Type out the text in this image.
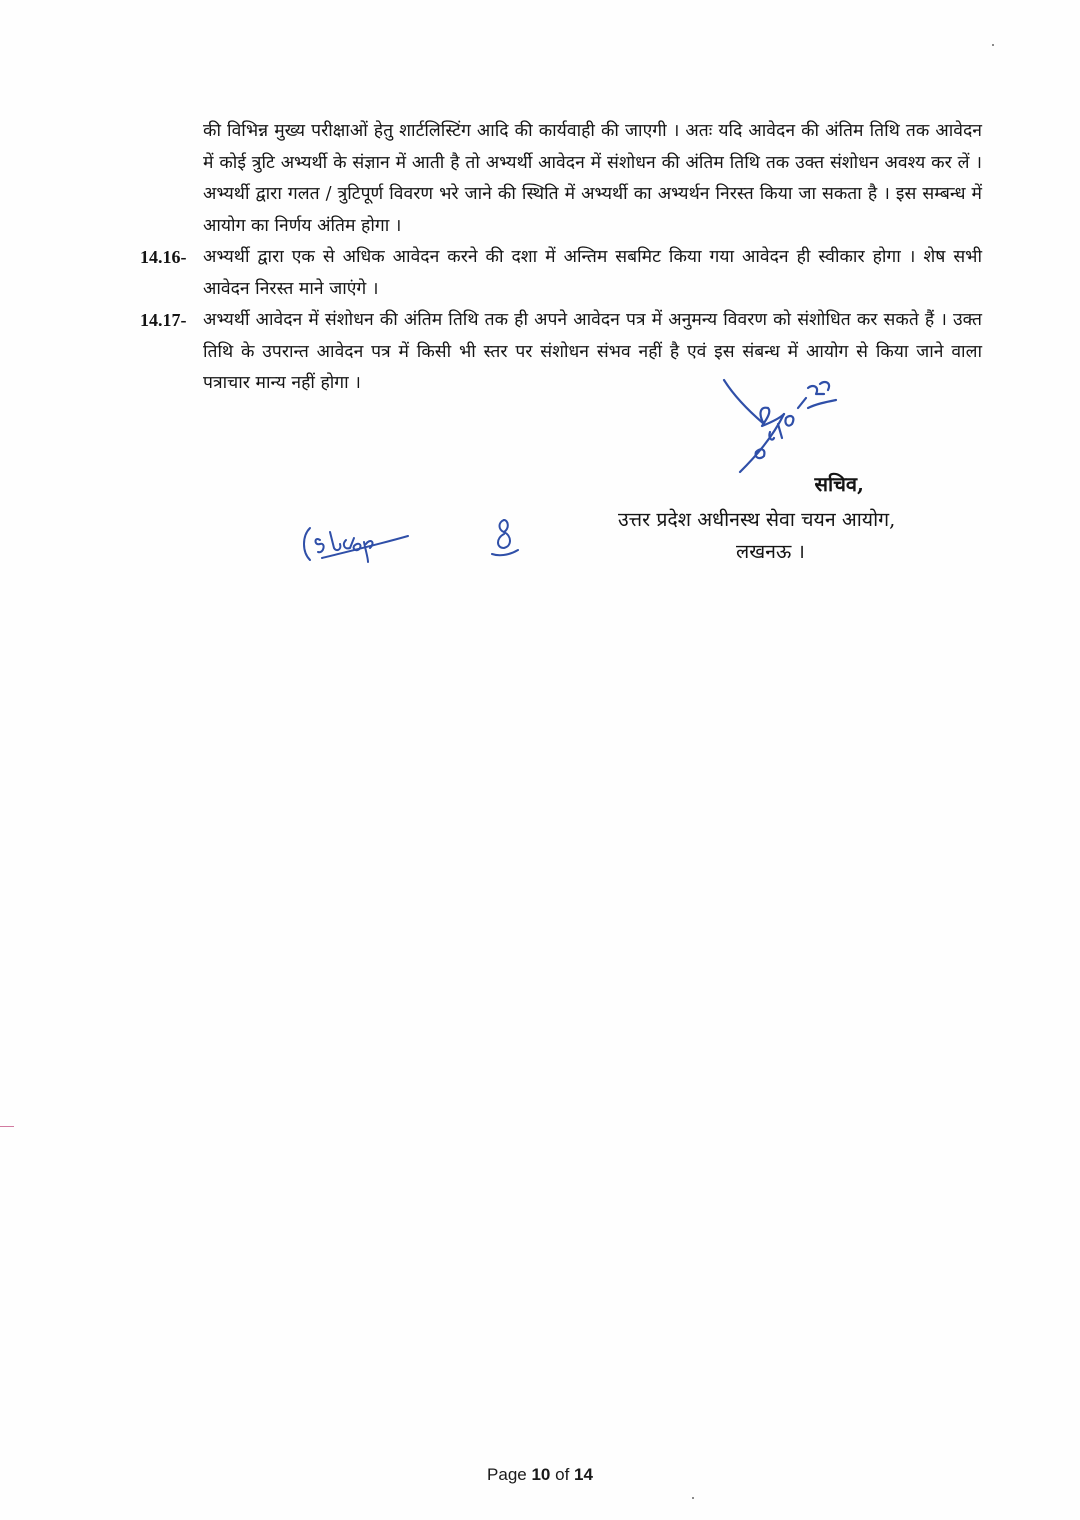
की विभिन्न मुख्य परीक्षाओं हेतु शार्टलिस्टिंग आदि की कार्यवाही की जाएगी । अतः यदि आवेदन की अंतिम तिथि तक आवेदन में कोई त्रुटि अभ्यर्थी के संज्ञान में आती है तो अभ्यर्थी आवेदन में संशोधन की अंतिम तिथि तक उक्त संशोधन अवश्य कर लें । अभ्यर्थी द्वारा गलत / त्रुटिपूर्ण विवरण भरे जाने की स्थिति में अभ्यर्थी का अभ्यर्थन निरस्त किया जा सकता है । इस सम्बन्ध में आयोग का निर्णय अंतिम होगा ।
14.16- अभ्यर्थी द्वारा एक से अधिक आवेदन करने की दशा में अन्तिम सबमिट किया गया आवेदन ही स्वीकार होगा । शेष सभी आवेदन निरस्त माने जाएंगे ।
14.17- अभ्यर्थी आवेदन में संशोधन की अंतिम तिथि तक ही अपने आवेदन पत्र में अनुमन्य विवरण को संशोधित कर सकते हैं । उक्त तिथि के उपरान्त आवेदन पत्र में किसी भी स्तर पर संशोधन संभव नहीं है एवं इस संबन्ध में आयोग से किया जाने वाला पत्राचार मान्य नहीं होगा ।
सचिव,
उत्तर प्रदेश अधीनस्थ सेवा चयन आयोग,
लखनऊ ।
Page 10 of 14
